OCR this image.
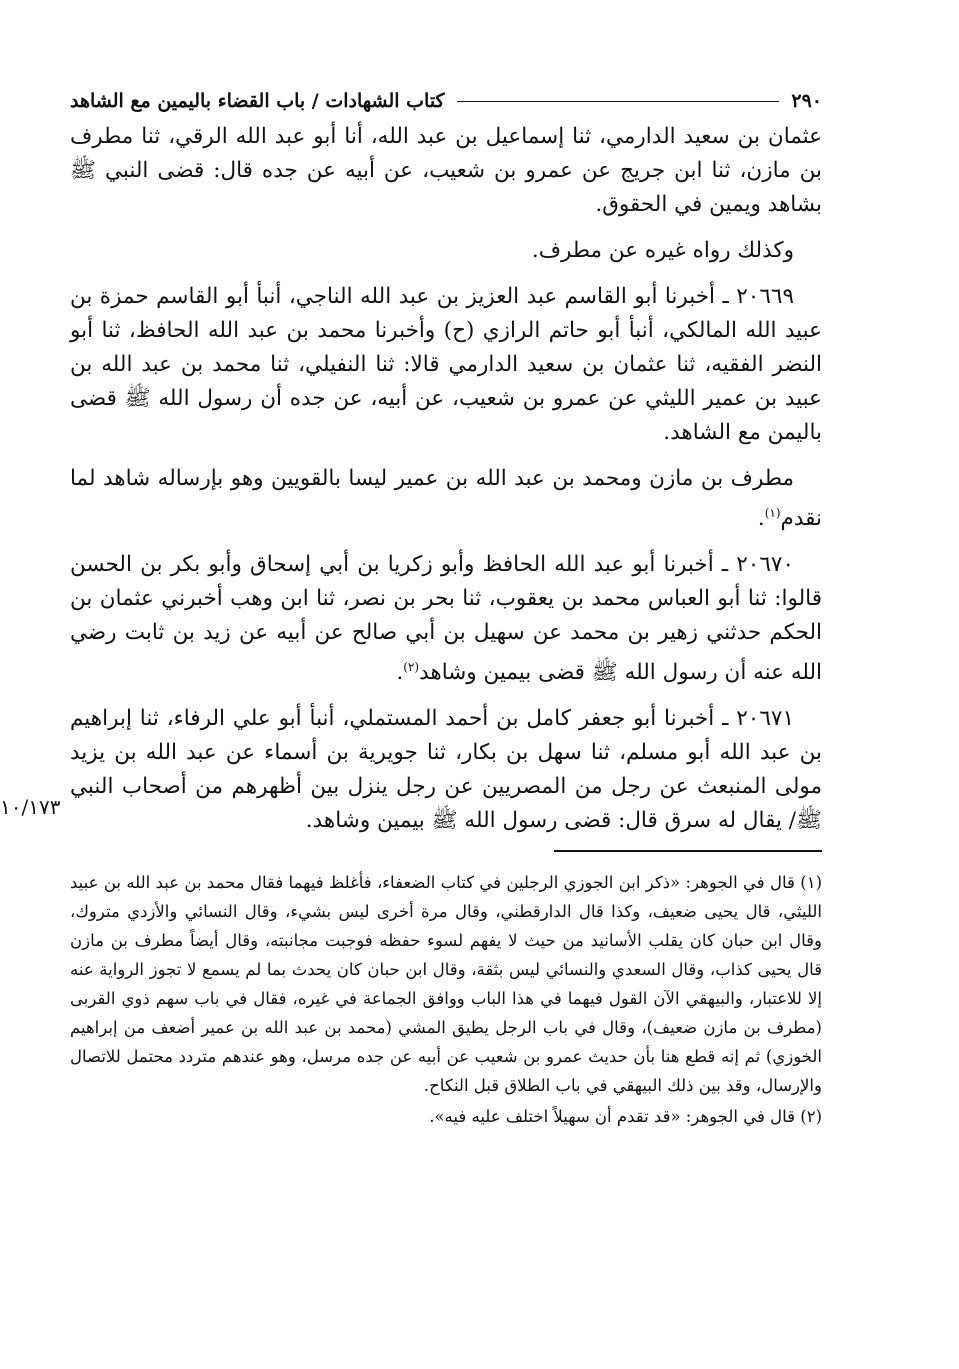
٢٩٠
كتاب الشهادات / باب القضاء باليمين مع الشاهد

عثمان بن سعيد الدارمي، ثنا إسماعيل بن عبد الله، أنا أبو عبد الله الرقي، ثنا مطرف بن مازن، ثنا ابن جريج عن عمرو بن شعيب، عن أبيه عن جده قال: قضى النبي ﷺ بشاهد ويمين في الحقوق.

وكذلك رواه غيره عن مطرف.

٢٠٦٦٩ ـ أخبرنا أبو القاسم عبد العزيز بن عبد الله الناجي، أنبأ أبو القاسم حمزة بن عبيد الله المالكي، أنبأ أبو حاتم الرازي (ح) وأخبرنا محمد بن عبد الله الحافظ، ثنا أبو النضر الفقيه، ثنا عثمان بن سعيد الدارمي قالا: ثنا النفيلي، ثنا محمد بن عبد الله بن عبيد بن عمير الليثي عن عمرو بن شعيب، عن أبيه، عن جده أن رسول الله ﷺ قضى باليمن مع الشاهد.

مطرف بن مازن ومحمد بن عبد الله بن عمير ليسا بالقويين وهو بإرساله شاهد لما نقدم$^{(١)}$.

٢٠٦٧٠ ـ أخبرنا أبو عبد الله الحافظ وأبو زكريا بن أبي إسحاق وأبو بكر بن الحسن قالوا: ثنا أبو العباس محمد بن يعقوب، ثنا بحر بن نصر، ثنا ابن وهب أخبرني عثمان بن الحكم حدثني زهير بن محمد عن سهيل بن أبي صالح عن أبيه عن زيد بن ثابت رضي الله عنه أن رسول الله ﷺ قضى بيمين وشاهد$^{(٢)}$.

٢٠٦٧١ ـ أخبرنا أبو جعفر كامل بن أحمد المستملي، أنبأ أبو علي الرفاء، ثنا إبراهيم بن عبد الله أبو مسلم، ثنا سهل بن بكار، ثنا جويرية بن أسماء عن عبد الله بن يزيد مولى المنبعث عن رجل من المصريين عن رجل ينزل بين أظهرهم من أصحاب النبي ﷺ/ يقال له سرق قال: قضى رسول الله ﷺ بيمين وشاهد.

١٠/١٧٣

(١) قال في الجوهر: «ذكر ابن الجوزي الرجلين في كتاب الضعفاء، فأغلظ فيهما فقال محمد بن عبد الله بن عبيد الليثي، قال يحيى ضعيف، وكذا قال الدارقطني، وقال مرة أخرى ليس بشيء، وقال النسائي والأزدي متروك، وقال ابن حبان كان يقلب الأسانيد من حيث لا يفهم لسوء حفظه فوجبت مجانبته، وقال أيضاً مطرف بن مازن قال يحيى كذاب، وقال السعدي والنسائي ليس بثقة، وقال ابن حبان كان يحدث بما لم يسمع لا تجوز الرواية عنه إلا للاعتبار، والبيهقي الآن القول فيهما في هذا الباب ووافق الجماعة في غيره، فقال في باب سهم ذوي القربى (مطرف بن مازن ضعيف)، وقال في باب الرجل يطيق المشي (محمد بن عبد الله بن عمير أضعف من إبراهيم الخوزي) ثم إنه قطع هنا بأن حديث عمرو بن شعيب عن أبيه عن جده مرسل، وهو عندهم متردد محتمل للاتصال والإرسال، وقد بين ذلك البيهقي في باب الطلاق قبل النكاح.

(٢) قال في الجوهر: «قد تقدم أن سهيلاً اختلف عليه فيه».
